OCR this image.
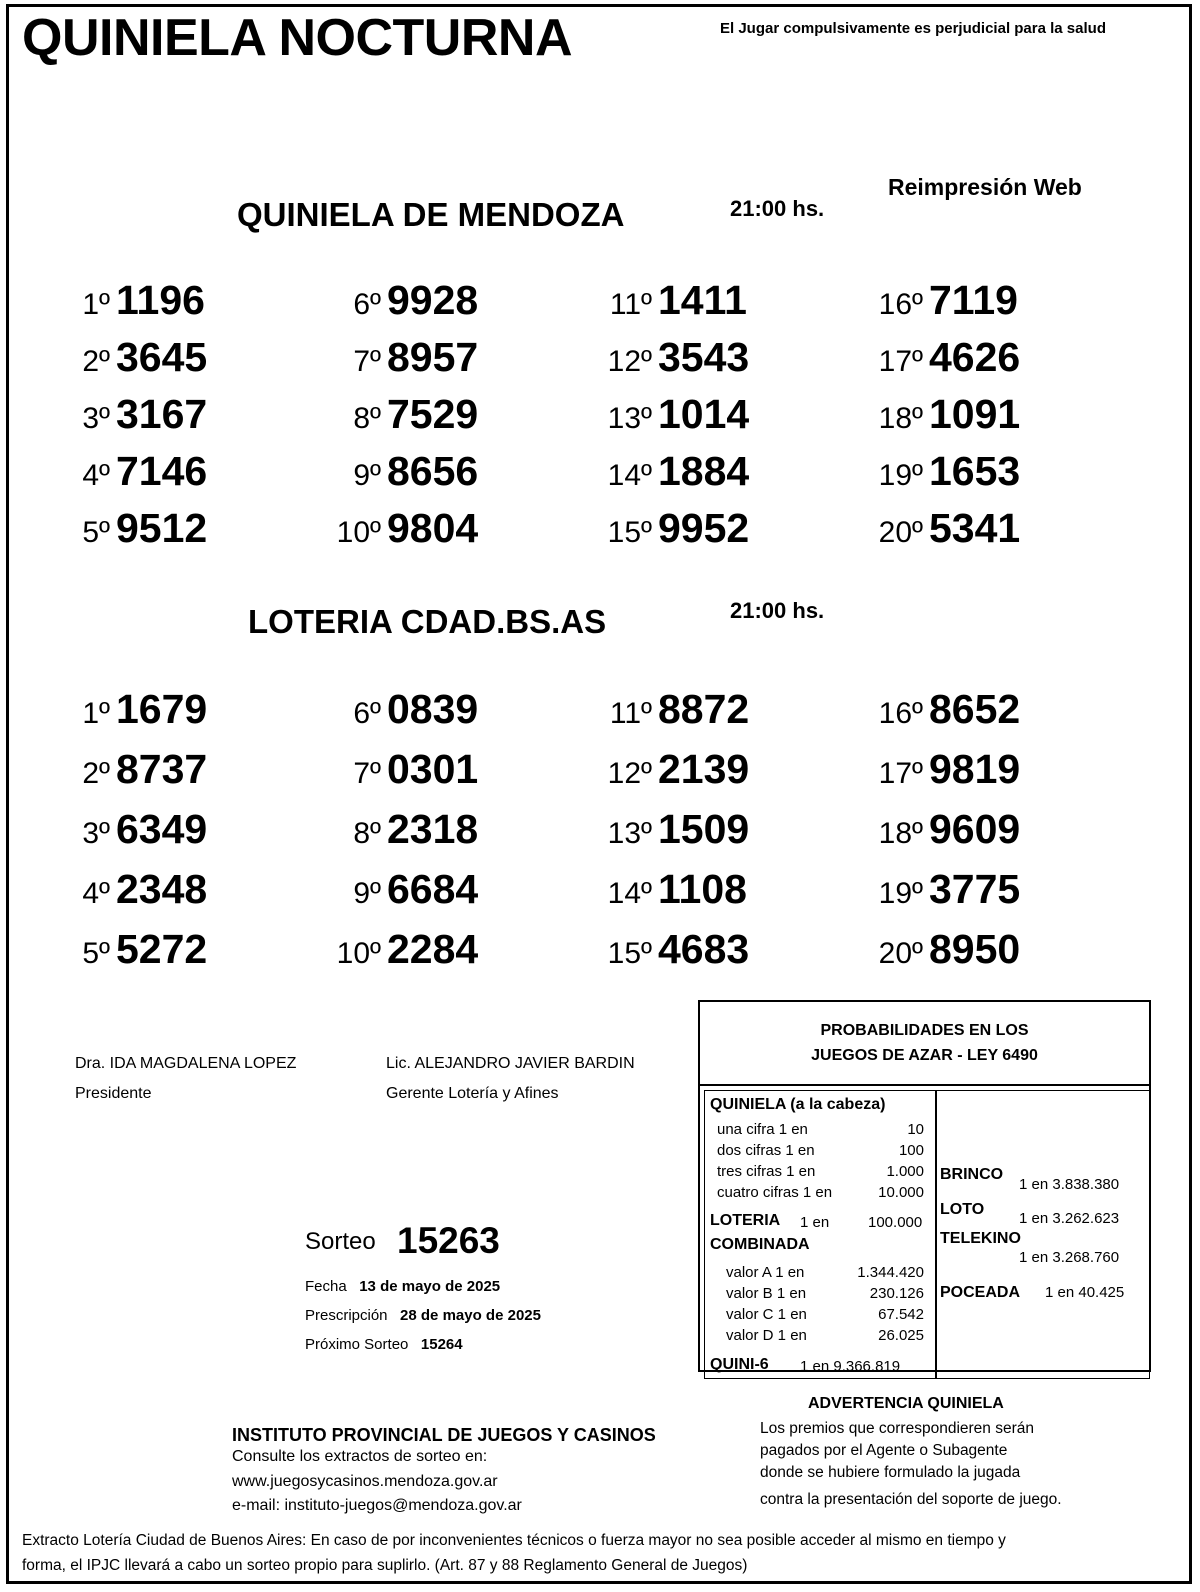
QUINIELA NOCTURNA	El Jugar compulsivamente es perjudicial para la salud
Reimpresión Web
QUINIELA DE MENDOZA	21:00 hs.
1º 1196
2º 3645
3º 3167
4º 7146
5º 9512
6º 9928
7º 8957
8º 7529
9º 8656
10º 9804
11º 1411
12º 3543
13º 1014
14º 1884
15º 9952
16º 7119
17º 4626
18º 1091
19º 1653
20º 5341
LOTERIA CDAD.BS.AS	21:00 hs.
1º 1679
2º 8737
3º 6349
4º 2348
5º 5272
6º 0839
7º 0301
8º 2318
9º 6684
10º 2284
11º 8872
12º 2139
13º 1509
14º 1108
15º 4683
16º 8652
17º 9819
18º 9609
19º 3775
20º 8950
Dra. IDA MAGDALENA LOPEZ
Presidente
Lic. ALEJANDRO JAVIER BARDIN
Gerente Lotería y Afines
Sorteo 15263
Fecha 13 de mayo de 2025
Prescripción 28 de mayo de 2025
Próximo Sorteo 15264
PROBABILIDADES EN LOS
JUEGOS DE AZAR - LEY 6490
QUINIELA (a la cabeza)
una cifra 1 en	10
dos cifras 1 en	100
tres cifras 1 en	1.000
cuatro cifras 1 en	10.000
LOTERIA 1 en	100.000
COMBINADA
valor A 1 en	1.344.420
valor B 1 en	230.126
valor C 1 en	67.542
valor D 1 en	26.025
QUINI-6 1 en 9.366.819
BRINCO
1 en 3.838.380
LOTO
1 en 3.262.623
TELEKINO
1 en 3.268.760
POCEADA 1 en 40.425
INSTITUTO PROVINCIAL DE JUEGOS Y CASINOS
Consulte los extractos de sorteo en:
www.juegosycasinos.mendoza.gov.ar
e-mail: instituto-juegos@mendoza.gov.ar
ADVERTENCIA QUINIELA
Los premios que correspondieren serán
pagados por el Agente o Subagente
donde se hubiere formulado la jugada
contra la presentación del soporte de juego.
Extracto Lotería Ciudad de Buenos Aires: En caso de por inconvenientes técnicos o fuerza mayor no sea posible acceder al mismo en tiempo y
forma, el IPJC llevará a cabo un sorteo propio para suplirlo. (Art. 87 y 88 Reglamento General de Juegos)
